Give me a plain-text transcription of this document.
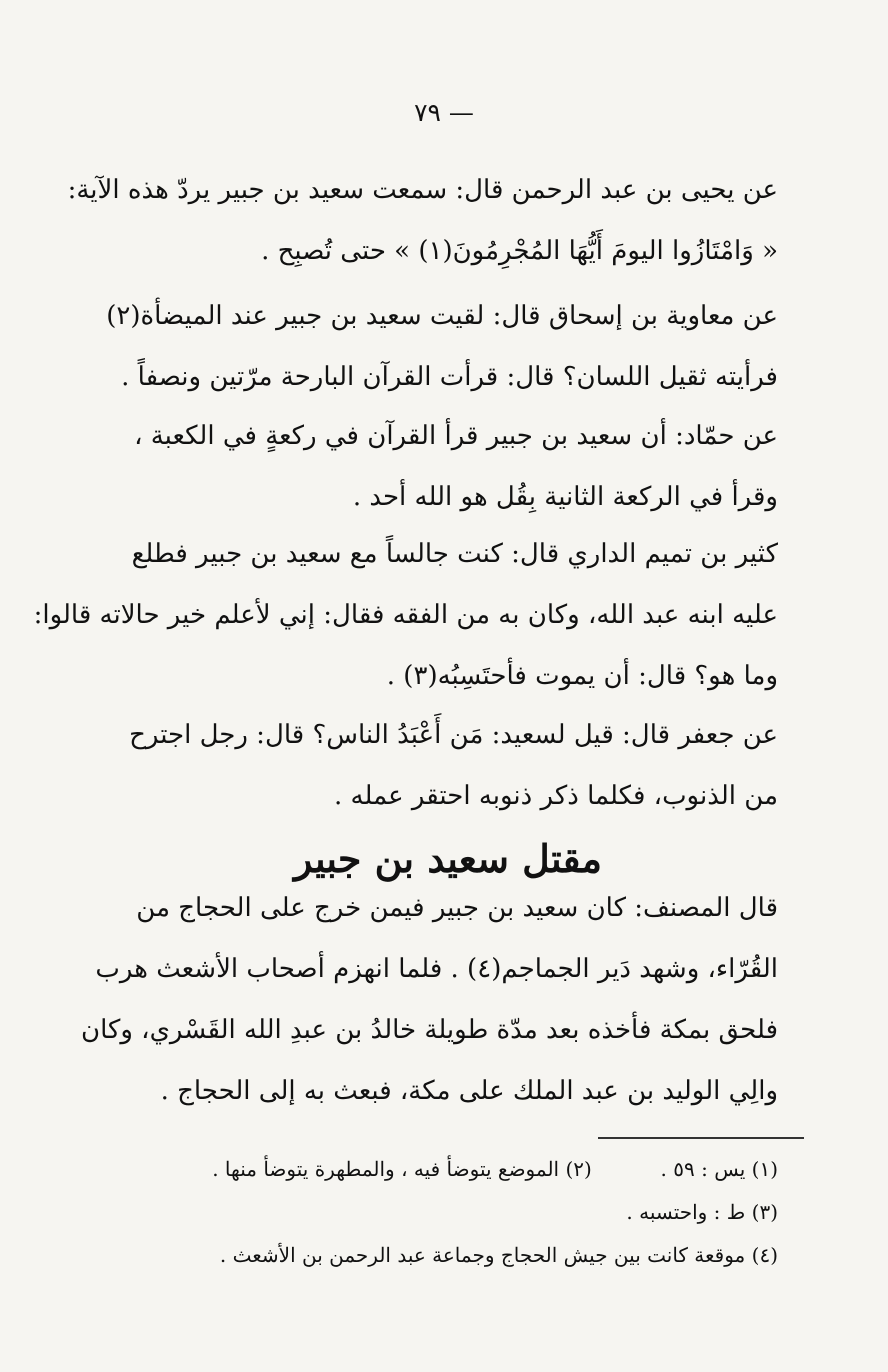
— ٧٩
عن يحيى بن عبد الرحمن قال: سمعت سعيد بن جبير يردّ هذه الآية:
« وَامْتَازُوا اليومَ أَيُّهَا المُجْرِمُونَ(١) » حتى تُصبِح .
عن معاوية بن إسحاق قال: لقيت سعيد بن جبير عند الميضأة(٢)
فرأيته ثقيل اللسان؟ قال: قرأت القرآن البارحة مرّتين ونصفاً .
عن حمّاد: أن سعيد بن جبير قرأ القرآن في ركعةٍ في الكعبة ،
وقرأ في الركعة الثانية بِقُل هو الله أحد .
كثير بن تميم الداري قال: كنت جالساً مع سعيد بن جبير فطلع
عليه ابنه عبد الله، وكان به من الفقه فقال: إني لأعلم خير حالاته قالوا:
وما هو؟ قال: أن يموت فأحتَسِبُه(٣) .
عن جعفر قال: قيل لسعيد: مَن أَعْبَدُ الناس؟ قال: رجل اجترح
من الذنوب، فكلما ذكر ذنوبه احتقر عمله .
مقتل سعيد بن جبير
قال المصنف: كان سعيد بن جبير فيمن خرج على الحجاج من
القُرّاء، وشهد دَير الجماجم(٤) . فلما انهزم أصحاب الأشعث هرب
فلحق بمكة فأخذه بعد مدّة طويلة خالدُ بن عبدِ الله القَسْري، وكان
والِي الوليد بن عبد الملك على مكة، فبعث به إلى الحجاج .
(١) يس : ٥٩ .  (٢) الموضع يتوضأ فيه ، والمطهرة يتوضأ منها .
(٣) ط : واحتسبه .
(٤) موقعة كانت بين جيش الحجاج وجماعة عبد الرحمن بن الأشعث .
